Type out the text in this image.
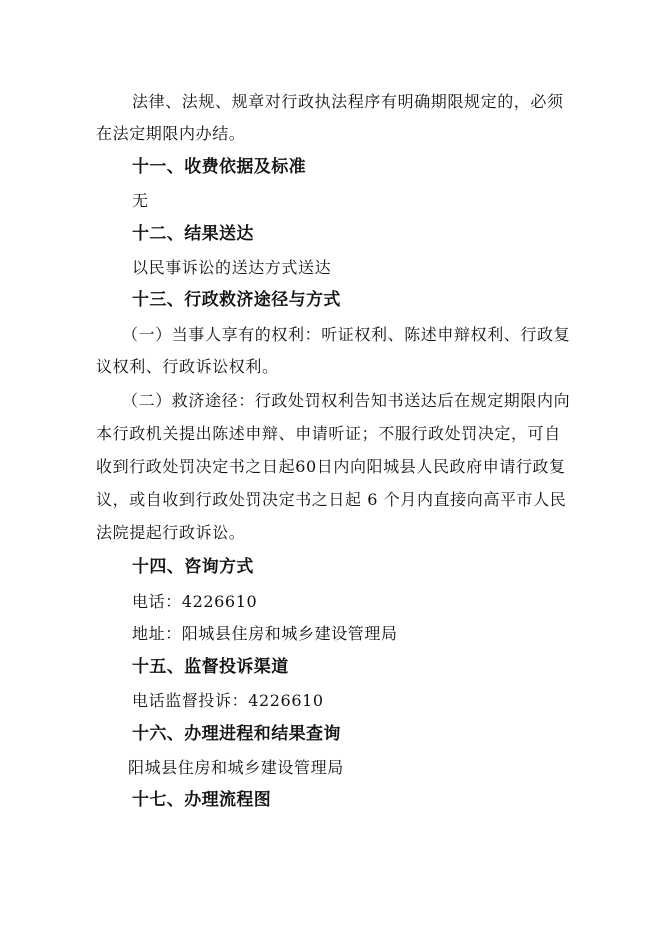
法律、法规、规章对行政执法程序有明确期限规定的，必须
在法定期限内办结。
十一、收费依据及标准
无
十二、结果送达
以民事诉讼的送达方式送达
十三、行政救济途径与方式
（一）当事人享有的权利：听证权利、陈述申辩权利、行政复
议权利、行政诉讼权利。
（二）救济途径：行政处罚权利告知书送达后在规定期限内向
本行政机关提出陈述申辩、申请听证；不服行政处罚决定，可自
收到行政处罚决定书之日起60日内向阳城县人民政府申请行政复
议，或自收到行政处罚决定书之日起 6 个月内直接向高平市人民
法院提起行政诉讼。
十四、咨询方式
电话：4226610
地址：阳城县住房和城乡建设管理局
十五、监督投诉渠道
电话监督投诉：4226610
十六、办理进程和结果查询
阳城县住房和城乡建设管理局
十七、办理流程图
